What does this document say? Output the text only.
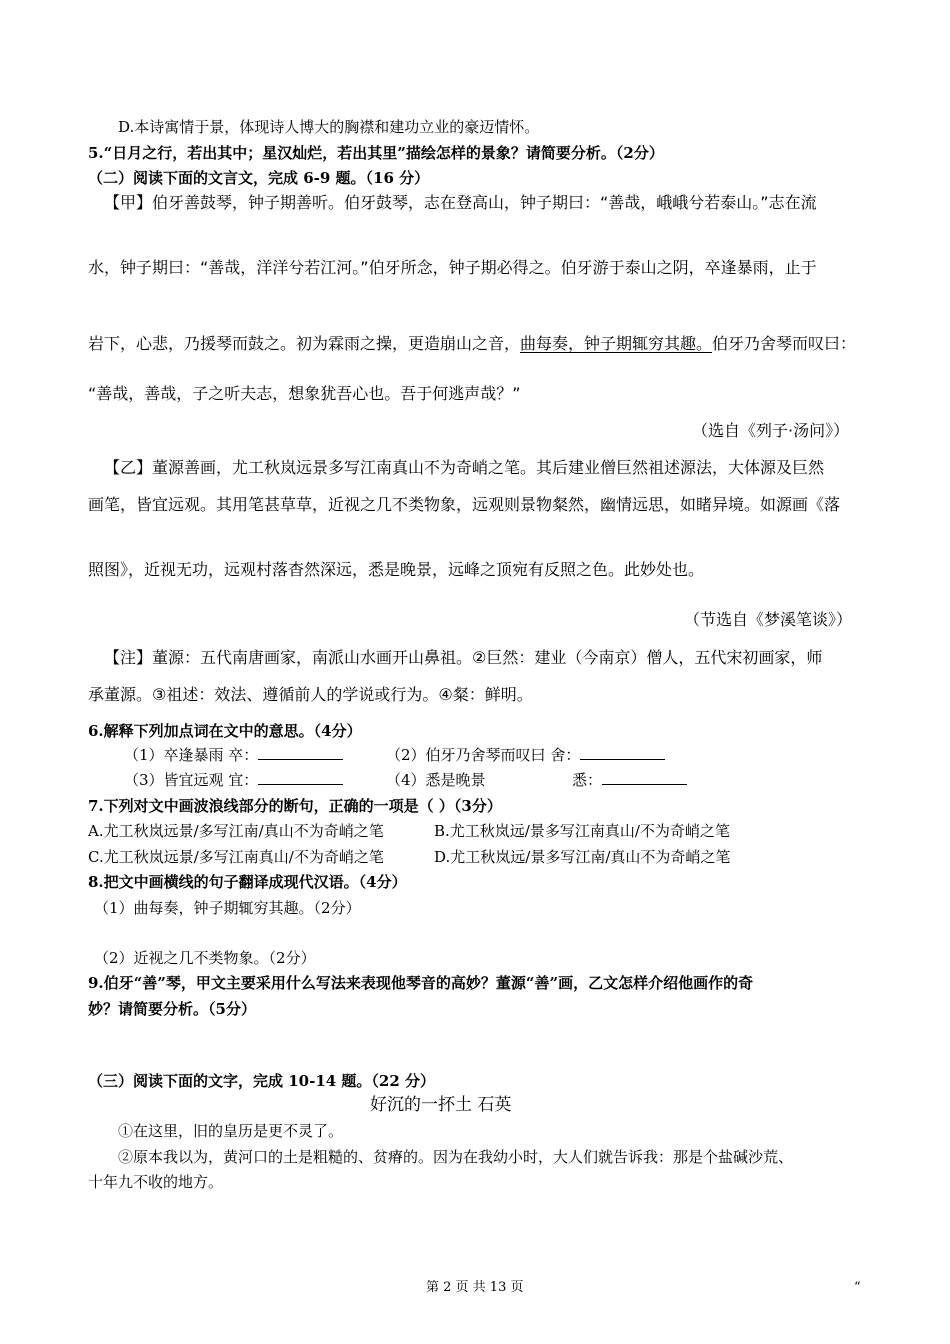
D.本诗寓情于景，体现诗人博大的胸襟和建功立业的豪迈情怀。
5.“日月之行，若出其中；星汉灿烂，若出其里”描绘怎样的景象？请简要分析。（2分）
（二）阅读下面的文言文，完成 6-9 题。（16 分）
【甲】伯牙善鼓琴，钟子期善听。伯牙鼓琴，志在登高山，钟子期曰：“善哉，峨峨兮若泰山。”志在流
水，钟子期曰：“善哉，洋洋兮若江河。”伯牙所念，钟子期必得之。伯牙游于泰山之阴，卒逢暴雨，止于
岩下，心悲，乃援琴而鼓之。初为霖雨之操，更造崩山之音，曲每奏，钟子期辄穷其趣。伯牙乃舍琴而叹曰：
“善哉，善哉，子之听夫志，想象犹吾心也。吾于何逃声哉？”
（选自《列子·汤问》）
【乙】董源善画，尤工秋岚远景多写江南真山不为奇峭之笔。其后建业僧巨然祖述源法，大体源及巨然
画笔，皆宜远观。其用笔甚草草，近视之几不类物象，远观则景物粲然，幽情远思，如睹异境。如源画《落
照图》，近视无功，远观村落杳然深远，悉是晚景，远峰之顶宛有反照之色。此妙处也。
（节选自《梦溪笔谈》）
【注】董源：五代南唐画家，南派山水画开山鼻祖。②巨然：建业（今南京）僧人，五代宋初画家，师
承董源。③祖述：效法、遵循前人的学说或行为。④粲：鲜明。
6.解释下列加点词在文中的意思。（4分）
（1）卒逢暴雨 卒：	（2）伯牙乃舍琴而叹曰 舍：
（3）皆宜远观 宜：	（4）悉是晚景	悉：
7.下列对文中画波浪线部分的断句，正确的一项是（ ）（3分）
A.尤工秋岚远景/多写江南/真山不为奇峭之笔	B.尤工秋岚远/景多写江南真山/不为奇峭之笔
C.尤工秋岚远景/多写江南真山/不为奇峭之笔	D.尤工秋岚远/景多写江南/真山不为奇峭之笔
8.把文中画横线的句子翻译成现代汉语。（4分）
（1）曲每奏，钟子期辄穷其趣。（2分）
（2）近视之几不类物象。（2分）
9.伯牙“善”琴，甲文主要采用什么写法来表现他琴音的高妙？董源“善”画，乙文怎样介绍他画作的奇
妙？请简要分析。（5分）
（三）阅读下面的文字，完成 10-14 题。（22 分）
好沉的一抔土 石英
①在这里，旧的皇历是更不灵了。
②原本我以为，黄河口的土是粗糙的、贫瘠的。因为在我幼小时，大人们就告诉我：那是个盐碱沙荒、
十年九不收的地方。
第 2 页 共 13 页	“
